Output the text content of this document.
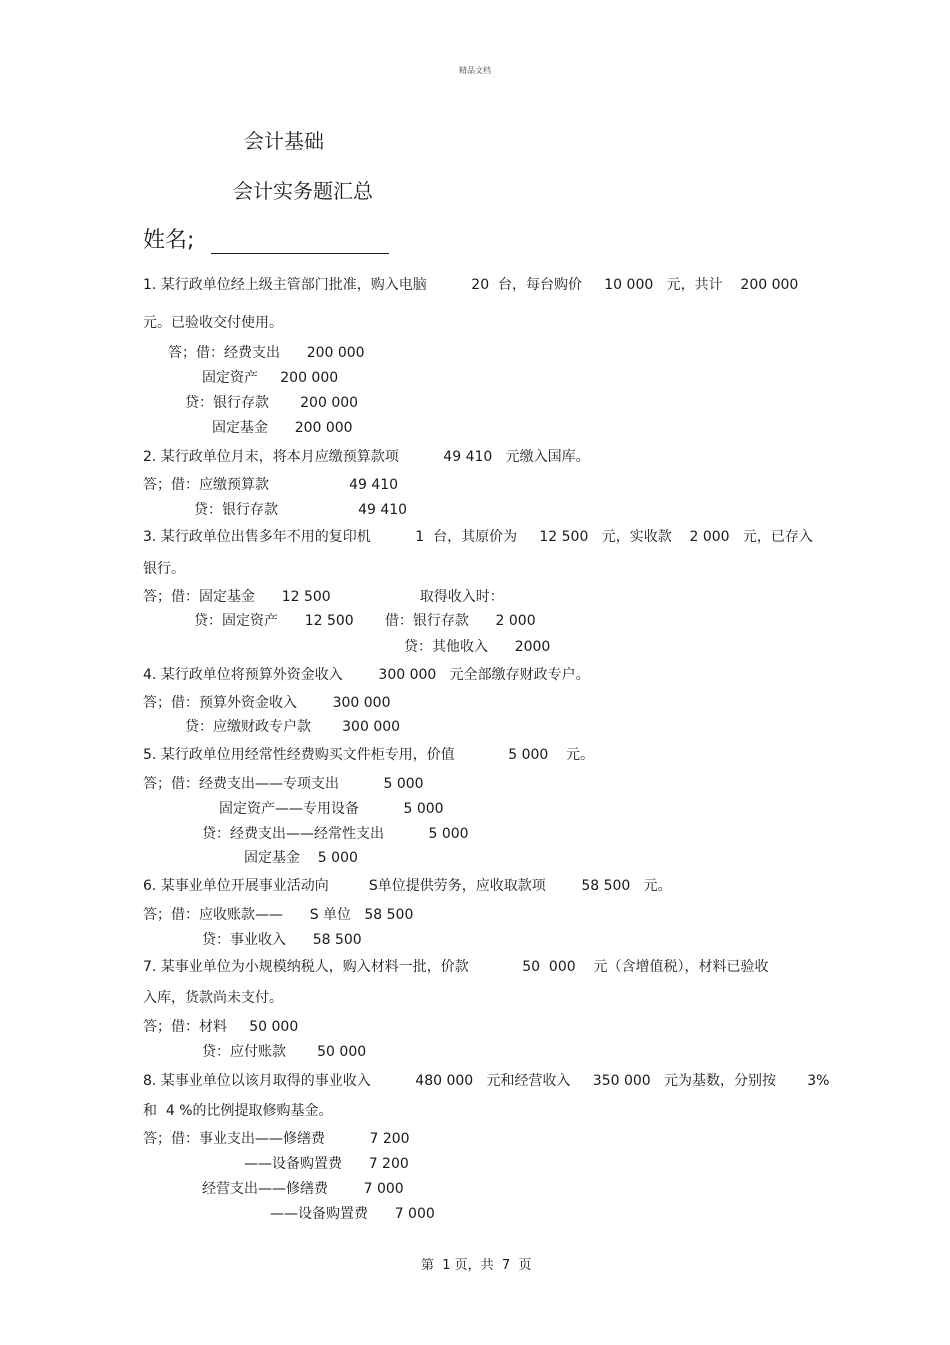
精品文档
会计基础
会计实务题汇总
姓名;
1. 某行政单位经上级主管部门批准，购入电脑          20  台，每台购价     10 000   元，共计    200 000
元。已验收交付使用。
答；借：经费支出      200 000
固定资产     200 000
贷：银行存款       200 000
固定基金      200 000
2. 某行政单位月末，将本月应缴预算款项          49 410   元缴入国库。
答；借：应缴预算款                  49 410
贷：银行存款                  49 410
3. 某行政单位出售多年不用的复印机          1  台，其原价为     12 500   元，实收款    2 000   元，已存入
银行。
答；借：固定基金      12 500                    取得收入时：
贷：固定资产      12 500       借：银行存款      2 000
贷：其他收入      2000
4. 某行政单位将预算外资金收入        300 000   元全部缴存财政专户。
答；借：预算外资金收入        300 000
贷：应缴财政专户款       300 000
5. 某行政单位用经常性经费购买文件柜专用，价值            5 000    元。
答；借：经费支出——专项支出          5 000
固定资产——专用设备          5 000
贷：经费支出——经常性支出          5 000
固定基金    5 000
6. 某事业单位开展事业活动向         S单位提供劳务，应收取款项        58 500   元。
答；借：应收账款——      S 单位   58 500
贷：事业收入      58 500
7. 某事业单位为小规模纳税人，购入材料一批，价款            50  000    元（含增值税），材料已验收
入库，货款尚未支付。
答；借：材料     50 000
贷：应付账款       50 000
8. 某事业单位以该月取得的事业收入          480 000   元和经营收入     350 000   元为基数，分别按       3%
和  4 %的比例提取修购基金。
答；借：事业支出——修缮费          7 200
——设备购置费      7 200
经营支出——修缮费        7 000
——设备购置费      7 000
第  1 页，共  7  页
